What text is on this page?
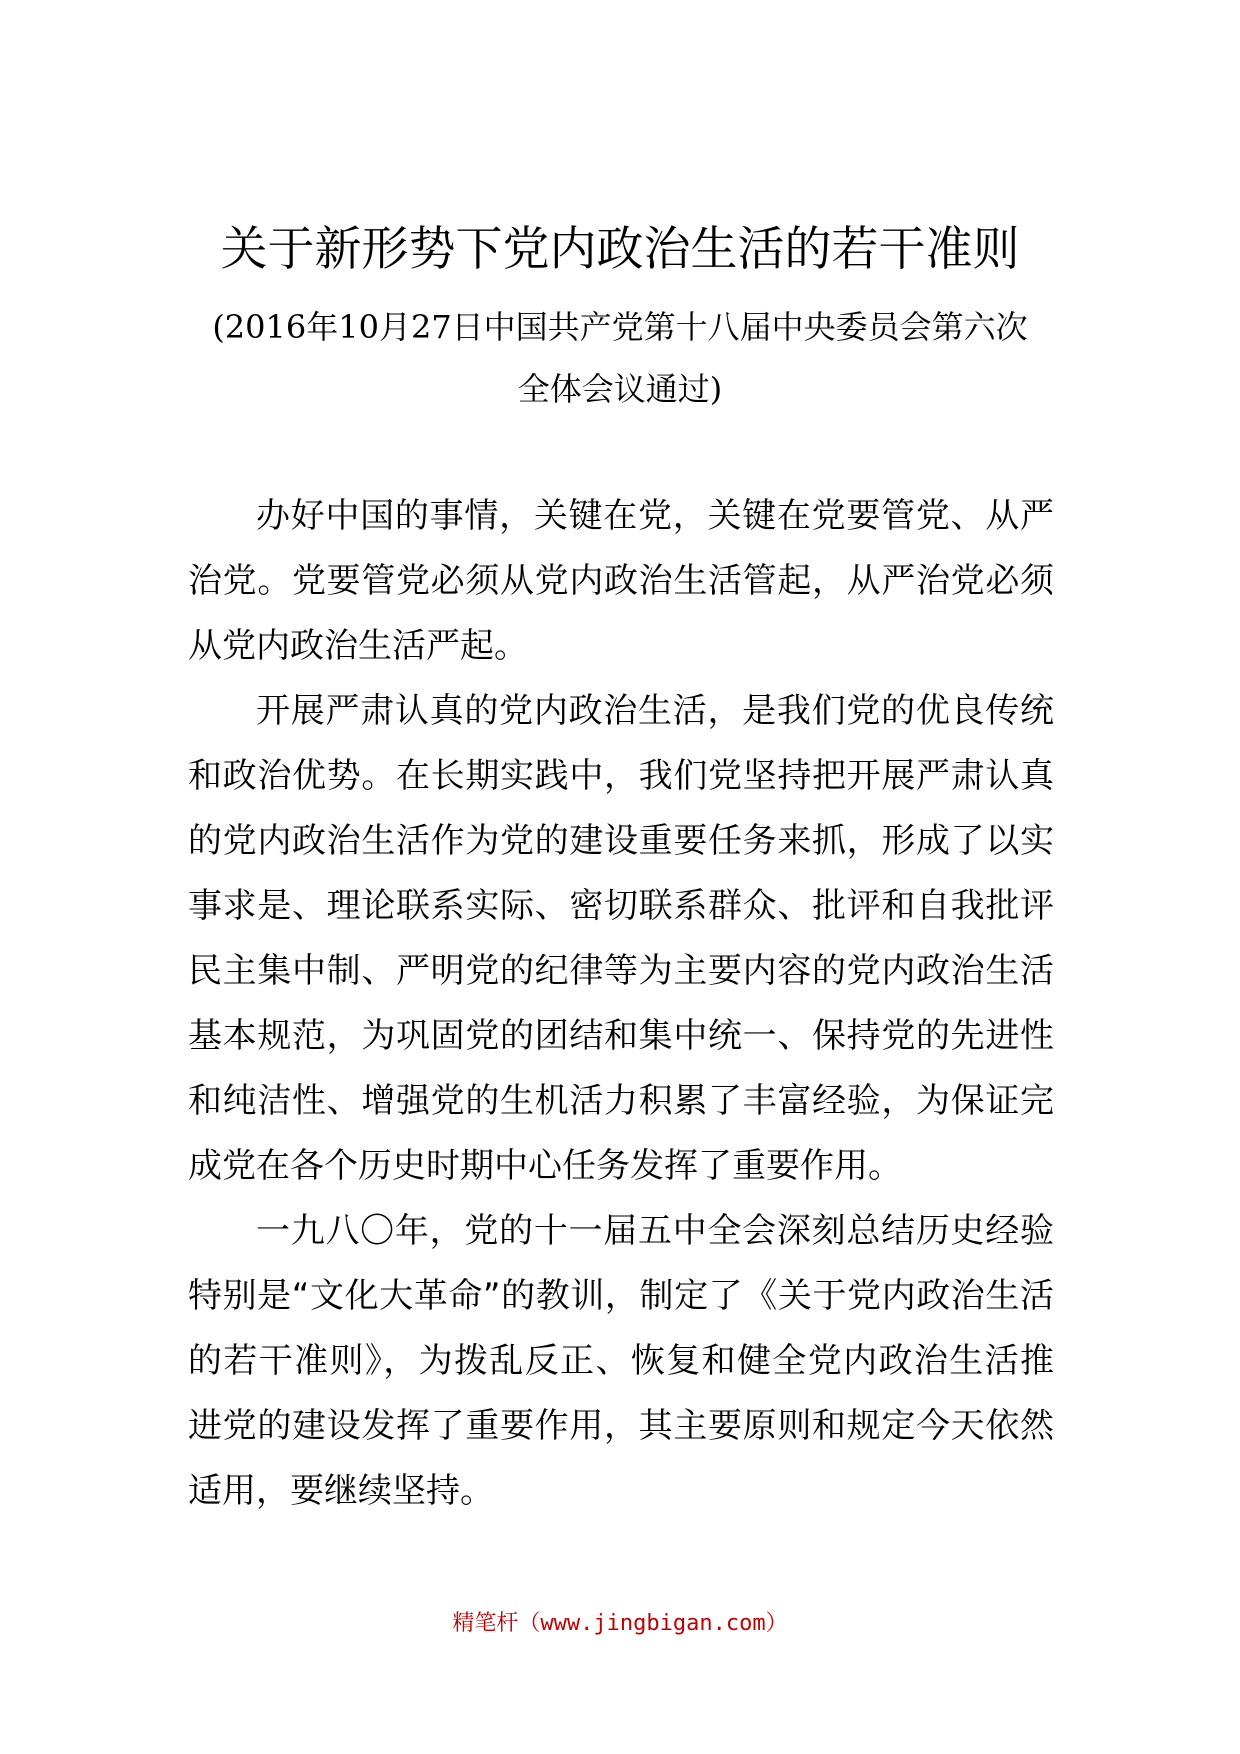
关于新形势下党内政治生活的若干准则
(2016年10月27日中国共产党第十八届中央委员会第六次
全体会议通过)

办好中国的事情，关键在党，关键在党要管党、从严治党。党要管党必须从党内政治生活管起，从严治党必须从党内政治生活严起。

开展严肃认真的党内政治生活，是我们党的优良传统和政治优势。在长期实践中，我们党坚持把开展严肃认真的党内政治生活作为党的建设重要任务来抓，形成了以实事求是、理论联系实际、密切联系群众、批评和自我批评民主集中制、严明党的纪律等为主要内容的党内政治生活基本规范，为巩固党的团结和集中统一、保持党的先进性和纯洁性、增强党的生机活力积累了丰富经验，为保证完成党在各个历史时期中心任务发挥了重要作用。

一九八〇年，党的十一届五中全会深刻总结历史经验特别是“文化大革命”的教训，制定了《关于党内政治生活的若干准则》，为拨乱反正、恢复和健全党内政治生活推进党的建设发挥了重要作用，其主要原则和规定今天依然适用，要继续坚持。

精笔杆（www.jingbigan.com）
